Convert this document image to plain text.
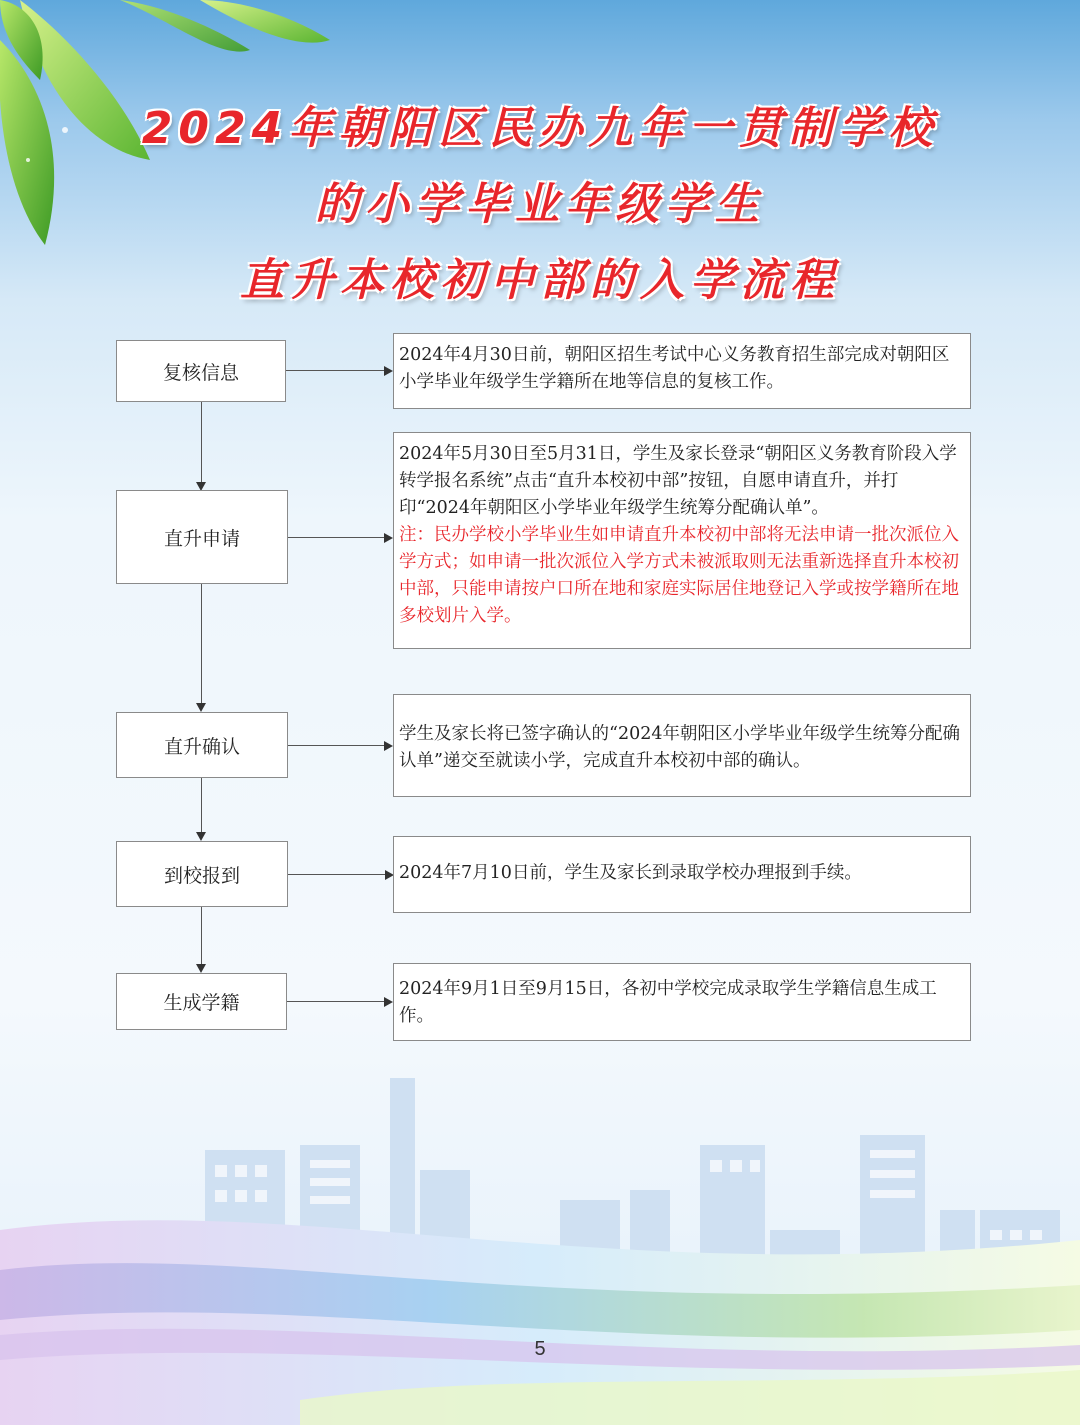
2024年朝阳区民办九年一贯制学校
的小学毕业年级学生
直升本校初中部的入学流程
复核信息
直升申请
直升确认
到校报到
生成学籍
2024年4月30日前，朝阳区招生考试中心义务教育招生部完成对朝阳区小学毕业年级学生学籍所在地等信息的复核工作。
2024年5月30日至5月31日，学生及家长登录“朝阳区义务教育阶段入学转学报名系统”点击“直升本校初中部”按钮，自愿申请直升，并打印“2024年朝阳区小学毕业年级学生统筹分配确认单”。
注：民办学校小学毕业生如申请直升本校初中部将无法申请一批次派位入学方式；如申请一批次派位入学方式未被派取则无法重新选择直升本校初中部，只能申请按户口所在地和家庭实际居住地登记入学或按学籍所在地多校划片入学。
学生及家长将已签字确认的“2024年朝阳区小学毕业年级学生统筹分配确认单”递交至就读小学，完成直升本校初中部的确认。
2024年7月10日前，学生及家长到录取学校办理报到手续。
2024年9月1日至9月15日，各初中学校完成录取学生学籍信息生成工作。
5
